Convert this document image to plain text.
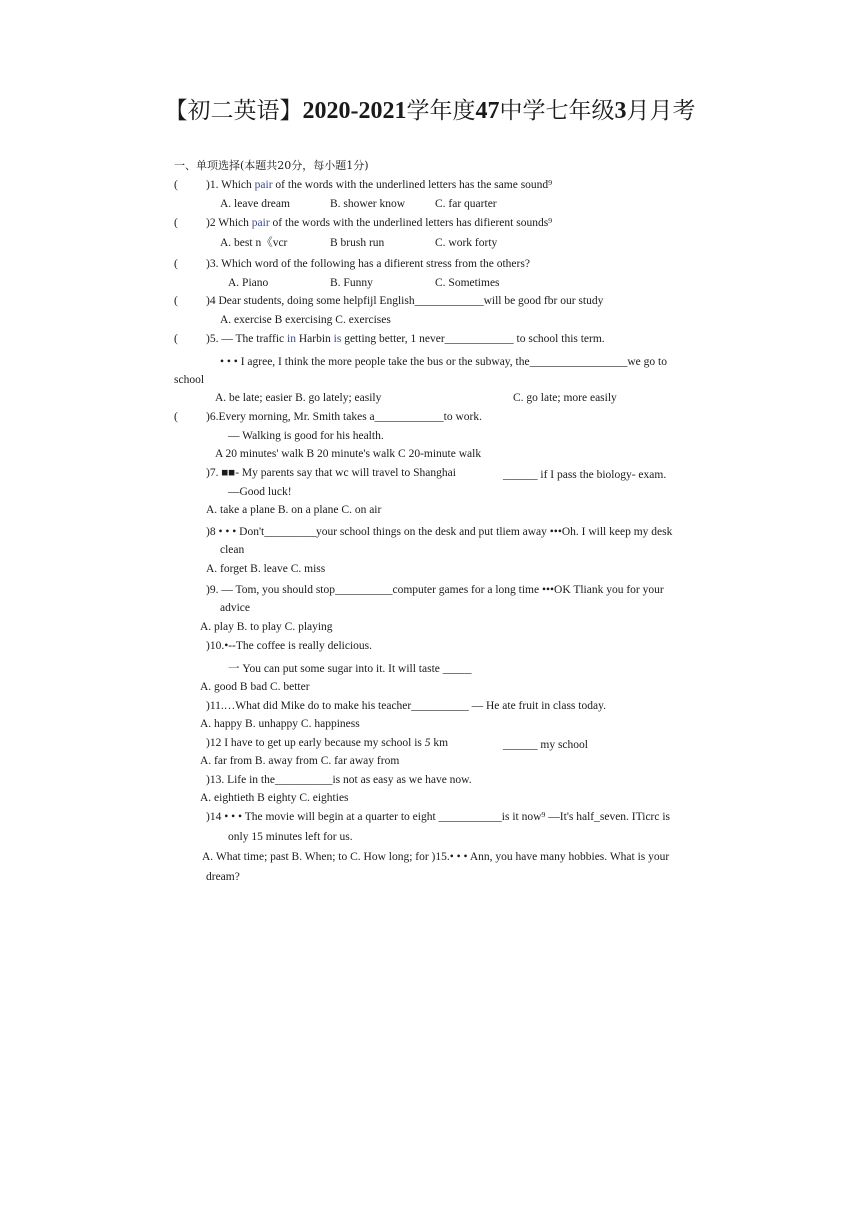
【初二英语】2020-2021学年度47中学七年级3月月考
一、单项选择(本题共20分，每小题1分)
( )1. Which pair of the words with the underlined letters has the same sound⁹
A. leave dream	B. shower know	C. far quarter
( )2 Which pair of the words with the underlined letters has difierent sounds⁹
A. best n《vcr	B brush run	C. work forty
( )3. Which word of the following has a difierent stress from the others?
A. Piano	B. Funny	C. Sometimes
( )4 Dear students, doing some helpfijl English____________will be good fbr our study
A. exercise B exercising C. exercises
( )5. — The traffic in Harbin is getting better, 1 never____________ to school this term.
• • • I agree, I think the more people take the bus or the subway, the_________________we go to
school
A. be late; easier B. go lately; easily	C. go late; more easily
( )6.Every morning, Mr. Smith takes a____________to work.
— Walking is good for his health.
A 20 minutes' walk B 20 minute's walk C 20-minute walk
)7. ■■- My parents say that wc will travel to Shanghai	______ if I pass the biology- exam.
—Good luck!
A. take a plane B. on a plane C. on air
)8 • • • Don't_________your school things on the desk and put tliem away •••Oh. I will keep my desk
clean
A. forget B. leave C. miss
)9. — Tom, you should stop__________computer games for a long time •••OK Tliank you for your
advice
A. play B. to play C. playing
)10.•--The coffee is really delicious.
一 You can put some sugar into it. It will taste _____
A. good B bad C. better
)11.…What did Mike do to make his teacher__________ — He ate fruit in class today.
A. happy B. unhappy C. happiness
)12 I have to get up early because my school is 5 km	______ my school
A. far from B. away from C. far away from
)13. Life in the__________is not as easy as we have now.
A. eightieth B eighty C. eighties
)14 • • • The movie will begin at a quarter to eight ___________is it now⁹ —It's half_seven. ITicrc is
only 15 minutes left for us.
A. What time; past B. When; to C. How long; for )15.• • • Ann, you have many hobbies. What is your
dream?
